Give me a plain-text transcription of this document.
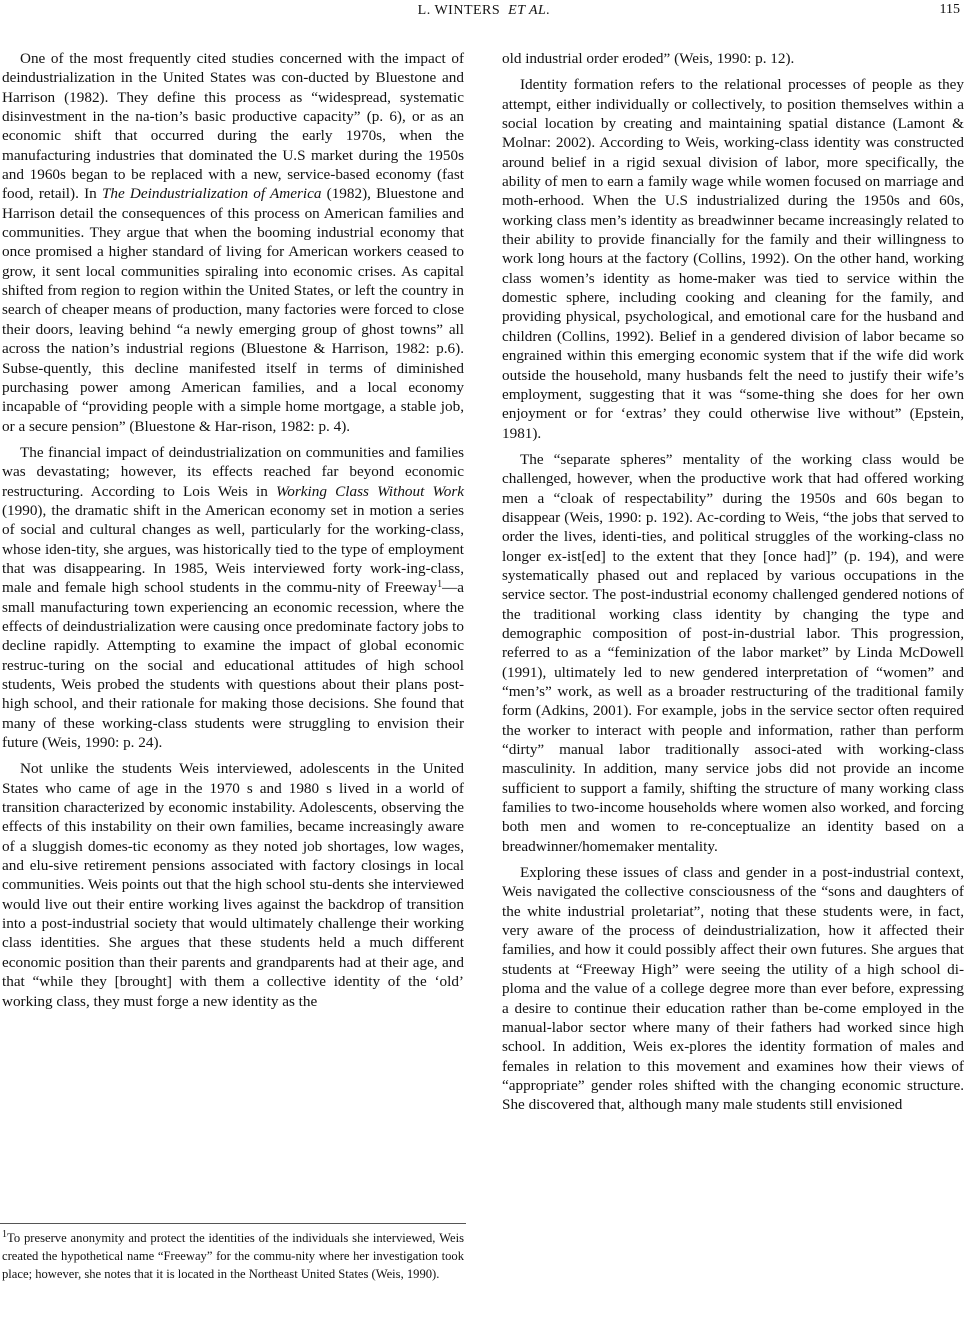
L. WINTERS ET AL.	115

One of the most frequently cited studies concerned with the impact of deindustrialization in the United States was con-ducted by Bluestone and Harrison (1982). They define this process as “widespread, systematic disinvestment in the na-tion’s basic productive capacity” (p. 6), or as an economic shift that occurred during the early 1970s, when the manufacturing industries that dominated the U.S market during the 1950s and 1960s began to be replaced with a new, service-based economy (fast food, retail). In The Deindustrialization of America (1982), Bluestone and Harrison detail the consequences of this process on American families and communities. They argue that when the booming industrial economy that once promised a higher standard of living for American workers ceased to grow, it sent local communities spiraling into economic crises. As capital shifted from region to region within the United States, or left the country in search of cheaper means of production, many factories were forced to close their doors, leaving behind “a newly emerging group of ghost towns” all across the nation’s industrial regions (Bluestone & Harrison, 1982: p.6). Subse-quently, this decline manifested itself in terms of diminished purchasing power among American families, and a local economy incapable of “providing people with a simple home mortgage, a stable job, or a secure pension” (Bluestone & Har-rison, 1982: p. 4).

The financial impact of deindustrialization on communities and families was devastating; however, its effects reached far beyond economic restructuring. According to Lois Weis in Working Class Without Work (1990), the dramatic shift in the American economy set in motion a series of social and cultural changes as well, particularly for the working-class, whose iden-tity, she argues, was historically tied to the type of employment that was disappearing. In 1985, Weis interviewed forty work-ing-class, male and female high school students in the commu-nity of Freeway$^1$—a small manufacturing town experiencing an economic recession, where the effects of deindustrialization were causing once predominate factory jobs to decline rapidly. Attempting to examine the impact of global economic restruc-turing on the social and educational attitudes of high school students, Weis probed the students with questions about their plans post-high school, and their rationale for making those decisions. She found that many of these working-class students were struggling to envision their future (Weis, 1990: p. 24).

Not unlike the students Weis interviewed, adolescents in the United States who came of age in the 1970 s and 1980 s lived in a world of transition characterized by economic instability. Adolescents, observing the effects of this instability on their own families, became increasingly aware of a sluggish domes-tic economy as they noted job shortages, low wages, and elu-sive retirement pensions associated with factory closings in local communities. Weis points out that the high school stu-dents she interviewed would live out their entire working lives against the backdrop of transition into a post-industrial society that would ultimately challenge their working class identities. She argues that these students held a much different economic position than their parents and grandparents had at their age, and that “while they [brought] with them a collective identity of the ‘old’ working class, they must forge a new identity as the

old industrial order eroded” (Weis, 1990: p. 12).

Identity formation refers to the relational processes of people as they attempt, either individually or collectively, to position themselves within a social location by creating and maintaining spatial distance (Lamont & Molnar: 2002). According to Weis, working-class identity was constructed around belief in a rigid sexual division of labor, more specifically, the ability of men to earn a family wage while women focused on marriage and moth-erhood. When the U.S industrialized during the 1950s and 60s, working class men’s identity as breadwinner became increasingly related to their ability to provide financially for the family and their willingness to work long hours at the factory (Collins, 1992). On the other hand, working class women’s identity as home-maker was tied to service within the domestic sphere, including cooking and cleaning for the family, and providing physical, psychological, and emotional care for the husband and children (Collins, 1992). Belief in a gendered division of labor became so engrained within this emerging economic system that if the wife did work outside the household, many husbands felt the need to justify their wife’s employment, suggesting that it was “some-thing she does for her own enjoyment or for ‘extras’ they could otherwise live without” (Epstein, 1981).

The “separate spheres” mentality of the working class would be challenged, however, when the productive work that had offered working men a “cloak of respectability” during the 1950s and 60s began to disappear (Weis, 1990: p. 192). Ac-cording to Weis, “the jobs that served to order the lives, identi-ties, and political struggles of the working-class no longer ex-ist[ed] to the extent that they [once had]” (p. 194), and were systematically phased out and replaced by various occupations in the service sector. The post-industrial economy challenged gendered notions of the traditional working class identity by changing the type and demographic composition of post-in-dustrial labor. This progression, referred to as a “feminization of the labor market” by Linda McDowell (1991), ultimately led to new gendered interpretation of “women” and “men’s” work, as well as a broader restructuring of the traditional family form (Adkins, 2001). For example, jobs in the service sector often required the worker to interact with people and information, rather than perform “dirty” manual labor traditionally associ-ated with working-class masculinity. In addition, many service jobs did not provide an income sufficient to support a family, shifting the structure of many working class families to two-income households where women also worked, and forcing both men and women to re-conceptualize an identity based on a breadwinner/homemaker mentality.

Exploring these issues of class and gender in a post-industrial context, Weis navigated the collective consciousness of the “sons and daughters of the white industrial proletariat”, noting that these students were, in fact, very aware of the process of deindustrialization, how it affected their families, and how it could possibly affect their own futures. She argues that students at “Freeway High” were seeing the utility of a high school di-ploma and the value of a college degree more than ever before, expressing a desire to continue their education rather than be-come employed in the manual-labor sector where many of their fathers had worked since high school. In addition, Weis ex-plores the identity formation of males and females in relation to this movement and examines how their views of “appropriate” gender roles shifted with the changing economic structure. She discovered that, although many male students still envisioned

$^1$To preserve anonymity and protect the identities of the individuals she interviewed, Weis created the hypothetical name “Freeway” for the commu-nity where her investigation took place; however, she notes that it is located in the Northeast United States (Weis, 1990).
